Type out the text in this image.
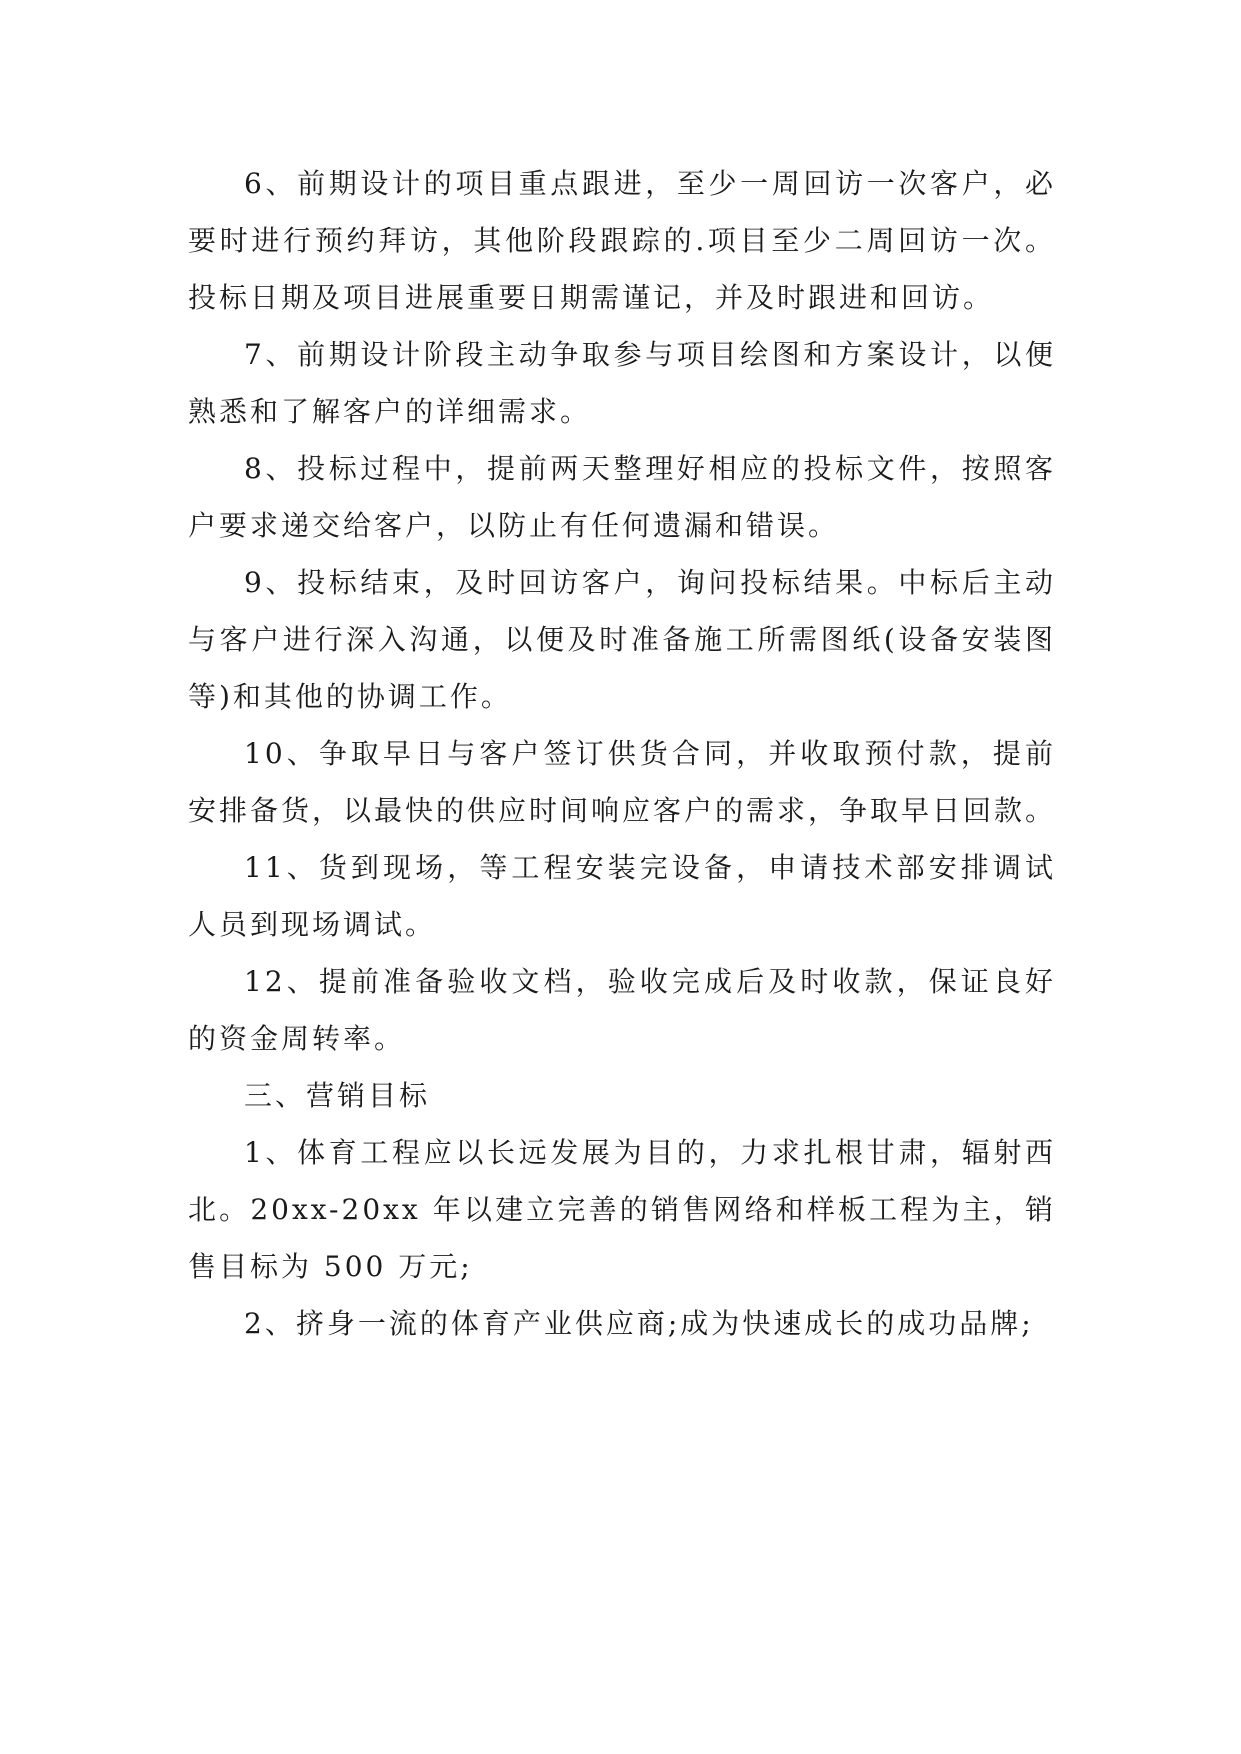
6、前期设计的项目重点跟进，至少一周回访一次客户，必要时进行预约拜访，其他阶段跟踪的.项目至少二周回访一次。投标日期及项目进展重要日期需谨记，并及时跟进和回访。

7、前期设计阶段主动争取参与项目绘图和方案设计，以便熟悉和了解客户的详细需求。

8、投标过程中，提前两天整理好相应的投标文件，按照客户要求递交给客户，以防止有任何遗漏和错误。

9、投标结束，及时回访客户，询问投标结果。中标后主动与客户进行深入沟通，以便及时准备施工所需图纸(设备安装图等)和其他的协调工作。

10、争取早日与客户签订供货合同，并收取预付款，提前安排备货，以最快的供应时间响应客户的需求，争取早日回款。

11、货到现场，等工程安装完设备，申请技术部安排调试人员到现场调试。

12、提前准备验收文档，验收完成后及时收款，保证良好的资金周转率。

三、营销目标

1、体育工程应以长远发展为目的，力求扎根甘肃，辐射西北。20xx-20xx 年以建立完善的销售网络和样板工程为主，销售目标为 500 万元;

2、挤身一流的体育产业供应商;成为快速成长的成功品牌;
